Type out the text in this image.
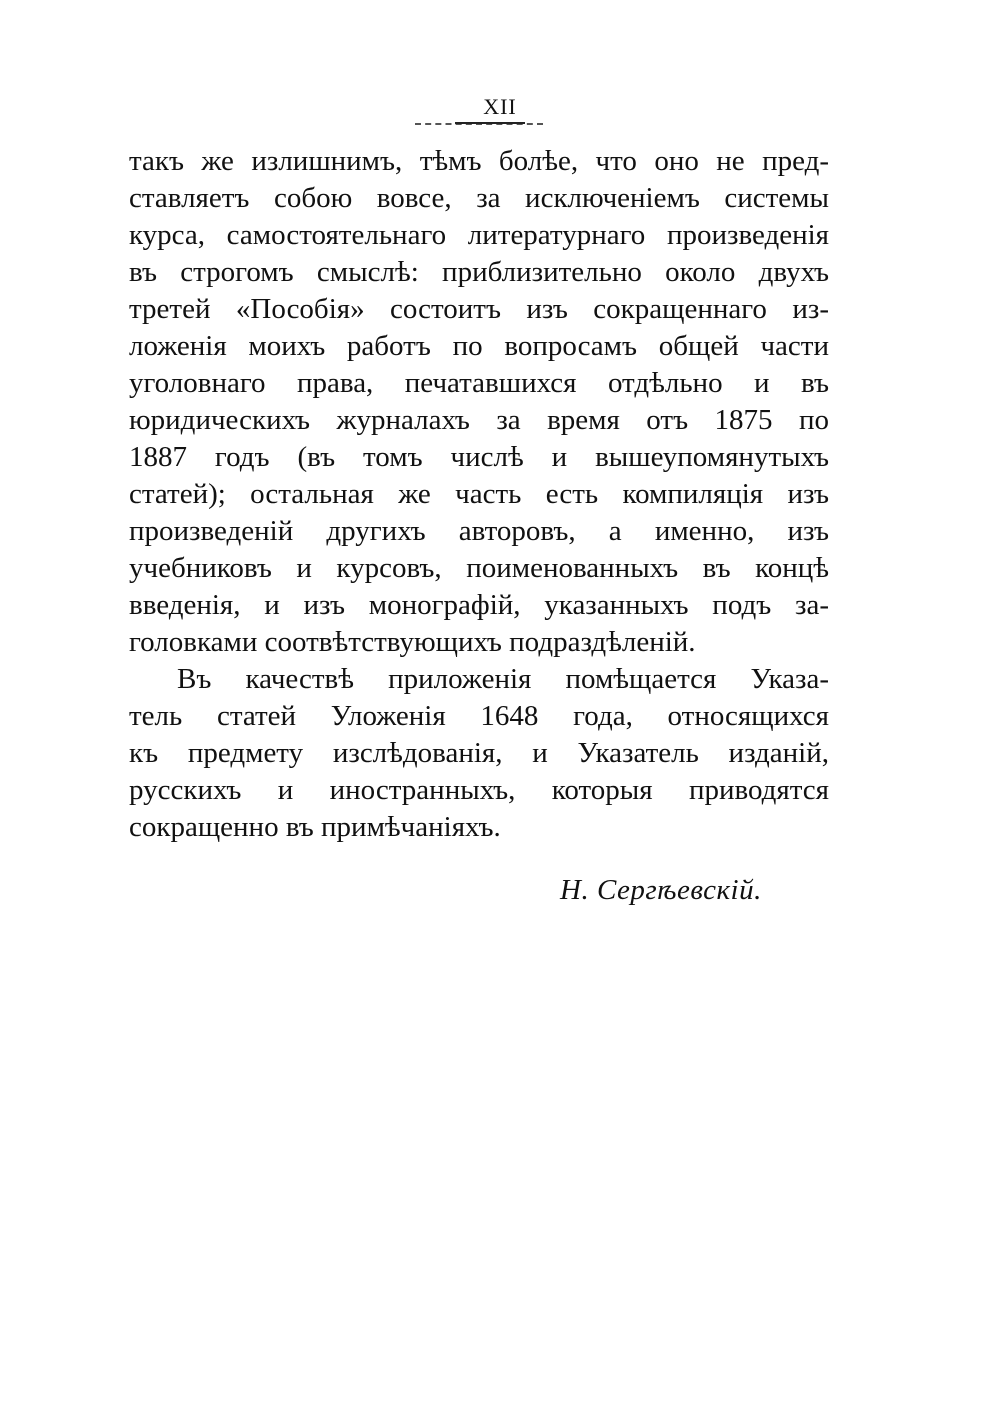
XII
такъ же излишнимъ, тѣмъ болѣе, что оно не пред-
ставляетъ собою вовсе, за исключеніемъ системы
курса, самостоятельнаго литературнаго произведенія
въ строгомъ смыслѣ: приблизительно около двухъ
третей «Пособія» состоитъ изъ сокращеннаго из-
ложенія моихъ работъ по вопросамъ общей части
уголовнаго права, печатавшихся отдѣльно и въ
юридическихъ журналахъ за время отъ 1875 по
1887 годъ (въ томъ числѣ и вышеупомянутыхъ
статей); остальная же часть есть компиляція изъ
произведеній другихъ авторовъ, а именно, изъ
учебниковъ и курсовъ, поименованныхъ въ концѣ
введенія, и изъ монографій, указанныхъ подъ за-
головками соотвѣтствующихъ подраздѣленій.
Въ качествѣ приложенія помѣщается Указа-
тель статей Уложенія 1648 года, относящихся
къ предмету изслѣдованія, и Указатель изданій,
русскихъ и иностранныхъ, которыя приводятся
сокращенно въ примѣчаніяхъ.
Н. Сергѣевскій.
